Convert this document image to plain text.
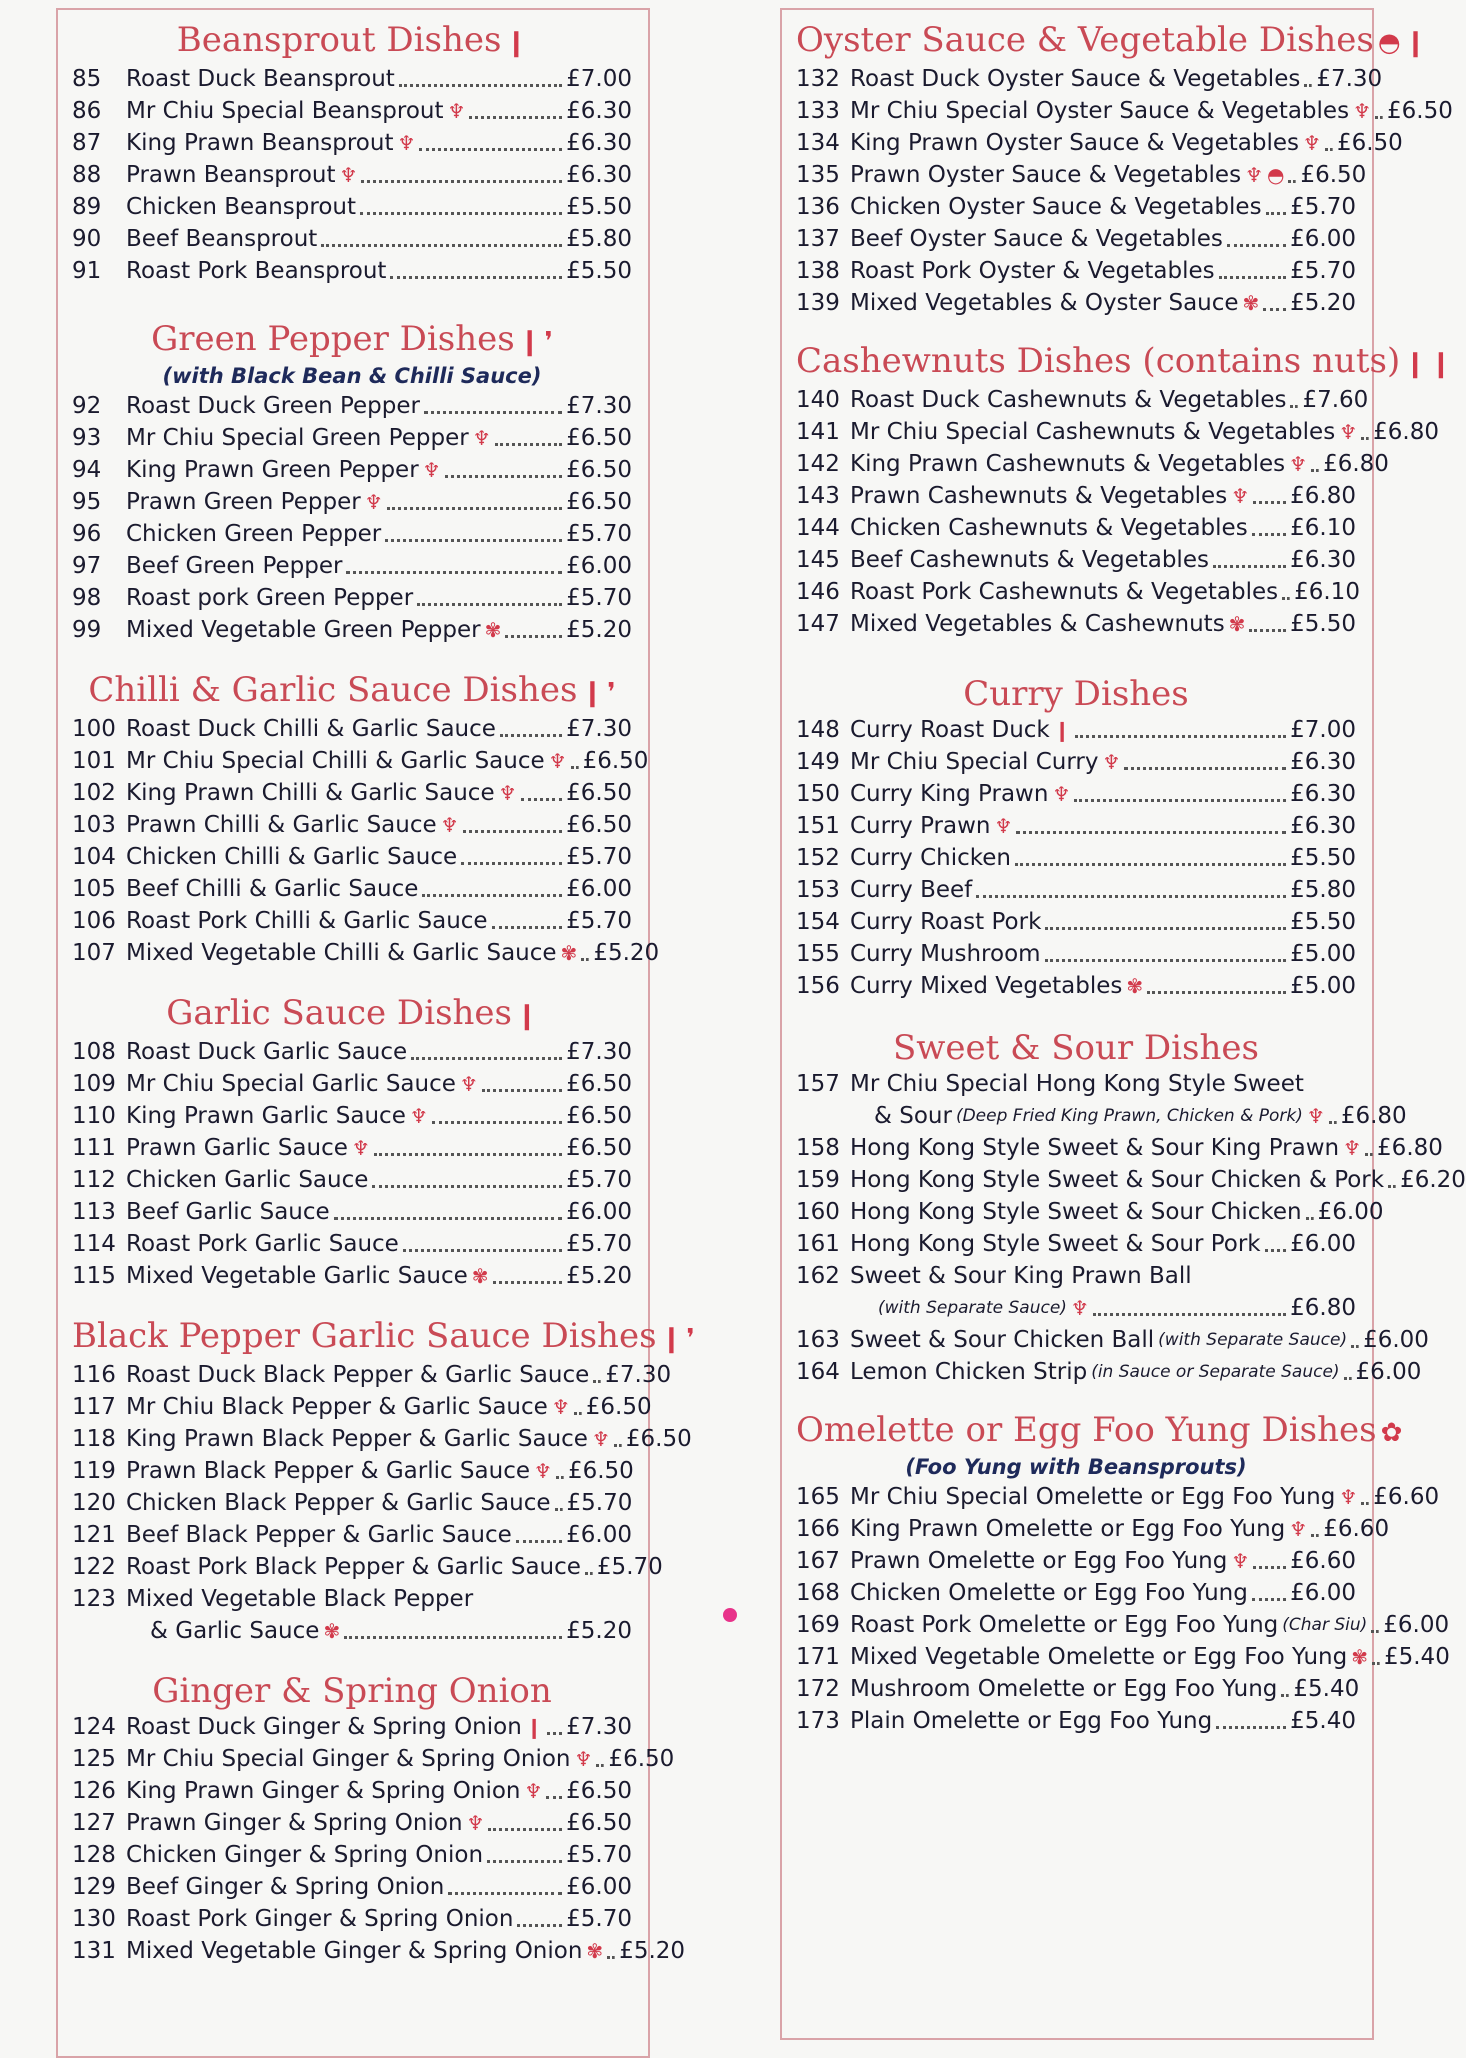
Beansprout Dishes ❙
85	Roast Duck Beansprout	£7.00
86	Mr Chiu Special Beansprout ♆	£6.30
87	King Prawn Beansprout ♆	£6.30
88	Prawn Beansprout ♆	£6.30
89	Chicken Beansprout	£5.50
90	Beef Beansprout	£5.80
91	Roast Pork Beansprout	£5.50
Green Pepper Dishes ❙ ❜
(with Black Bean & Chilli Sauce)
92	Roast Duck Green Pepper	£7.30
93	Mr Chiu Special Green Pepper ♆	£6.50
94	King Prawn Green Pepper ♆	£6.50
95	Prawn Green Pepper ♆	£6.50
96	Chicken Green Pepper	£5.70
97	Beef Green Pepper	£6.00
98	Roast pork Green Pepper	£5.70
99	Mixed Vegetable Green Pepper ✾	£5.20
Chilli & Garlic Sauce Dishes ❙ ❜
100 Roast Duck Chilli & Garlic Sauce	£7.30
101 Mr Chiu Special Chilli & Garlic Sauce ♆ £6.50
102 King Prawn Chilli & Garlic Sauce ♆ £6.50
103 Prawn Chilli & Garlic Sauce ♆	£6.50
104 Chicken Chilli & Garlic Sauce	£5.70
105 Beef Chilli & Garlic Sauce	£6.00
106 Roast Pork Chilli & Garlic Sauce	£5.70
107 Mixed Vegetable Chilli & Garlic Sauce ✾ £5.20
Garlic Sauce Dishes ❙
108 Roast Duck Garlic Sauce	£7.30
109 Mr Chiu Special Garlic Sauce ♆	£6.50
110 King Prawn Garlic Sauce ♆	£6.50
111 Prawn Garlic Sauce ♆	£6.50
112 Chicken Garlic Sauce	£5.70
113 Beef Garlic Sauce	£6.00
114 Roast Pork Garlic Sauce	£5.70
115 Mixed Vegetable Garlic Sauce ✾	£5.20
Black Pepper Garlic Sauce Dishes ❙ ❜
116 Roast Duck Black Pepper & Garlic Sauce £7.30
117 Mr Chiu Black Pepper & Garlic Sauce ♆ £6.50
118 King Prawn Black Pepper & Garlic Sauce ♆ £6.50
119 Prawn Black Pepper & Garlic Sauce ♆ £6.50
120 Chicken Black Pepper & Garlic Sauce £5.70
121 Beef Black Pepper & Garlic Sauce £6.00
122 Roast Pork Black Pepper & Garlic Sauce £5.70
123 Mixed Vegetable Black Pepper
& Garlic Sauce ✾	£5.20
Ginger & Spring Onion
124 Roast Duck Ginger & Spring Onion ❙ £7.30
125 Mr Chiu Special Ginger & Spring Onion ♆ £6.50
126 King Prawn Ginger & Spring Onion ♆ £6.50
127 Prawn Ginger & Spring Onion ♆	£6.50
128 Chicken Ginger & Spring Onion	£5.70
129 Beef Ginger & Spring Onion	£6.00
130 Roast Pork Ginger & Spring Onion £5.70
131 Mixed Vegetable Ginger & Spring Onion ✾ £5.20
Oyster Sauce & Vegetable Dishes ◓ ❙
132 Roast Duck Oyster Sauce & Vegetables £7.30
133 Mr Chiu Special Oyster Sauce & Vegetables ♆ £6.50
134 King Prawn Oyster Sauce & Vegetables ♆ £6.50
135 Prawn Oyster Sauce & Vegetables ♆ ◓ £6.50
136 Chicken Oyster Sauce & Vegetables £5.70
137 Beef Oyster Sauce & Vegetables	£6.00
138 Roast Pork Oyster & Vegetables	£5.70
139 Mixed Vegetables & Oyster Sauce ✾ £5.20
Cashewnuts Dishes (contains nuts) ❙ ❙
140 Roast Duck Cashewnuts & Vegetables £7.60
141 Mr Chiu Special Cashewnuts & Vegetables ♆ £6.80
142 King Prawn Cashewnuts & Vegetables ♆ £6.80
143 Prawn Cashewnuts & Vegetables ♆ £6.80
144 Chicken Cashewnuts & Vegetables £6.10
145 Beef Cashewnuts & Vegetables	£6.30
146 Roast Pork Cashewnuts & Vegetables £6.10
147 Mixed Vegetables & Cashewnuts ✾ £5.50
Curry Dishes
148 Curry Roast Duck ❙	£7.00
149 Mr Chiu Special Curry ♆	£6.30
150 Curry King Prawn ♆	£6.30
151 Curry Prawn ♆	£6.30
152 Curry Chicken	£5.50
153 Curry Beef	£5.80
154 Curry Roast Pork	£5.50
155 Curry Mushroom	£5.00
156 Curry Mixed Vegetables ✾	£5.00
Sweet & Sour Dishes
157 Mr Chiu Special Hong Kong Style Sweet
& Sour (Deep Fried King Prawn, Chicken & Pork) ♆ £6.80
158 Hong Kong Style Sweet & Sour King Prawn ♆ £6.80
159 Hong Kong Style Sweet & Sour Chicken & Pork £6.20
160 Hong Kong Style Sweet & Sour Chicken £6.00
161 Hong Kong Style Sweet & Sour Pork £6.00
162 Sweet & Sour King Prawn Ball
(with Separate Sauce) ♆	£6.80
163 Sweet & Sour Chicken Ball (with Separate Sauce) £6.00
164 Lemon Chicken Strip (in Sauce or Separate Sauce) £6.00
Omelette or Egg Foo Yung Dishes ✿
(Foo Yung with Beansprouts)
165 Mr Chiu Special Omelette or Egg Foo Yung ♆ £6.60
166 King Prawn Omelette or Egg Foo Yung ♆ £6.60
167 Prawn Omelette or Egg Foo Yung ♆ £6.60
168 Chicken Omelette or Egg Foo Yung £6.00
169 Roast Pork Omelette or Egg Foo Yung (Char Siu) £6.00
171 Mixed Vegetable Omelette or Egg Foo Yung ✾ £5.40
172 Mushroom Omelette or Egg Foo Yung £5.40
173 Plain Omelette or Egg Foo Yung	£5.40
